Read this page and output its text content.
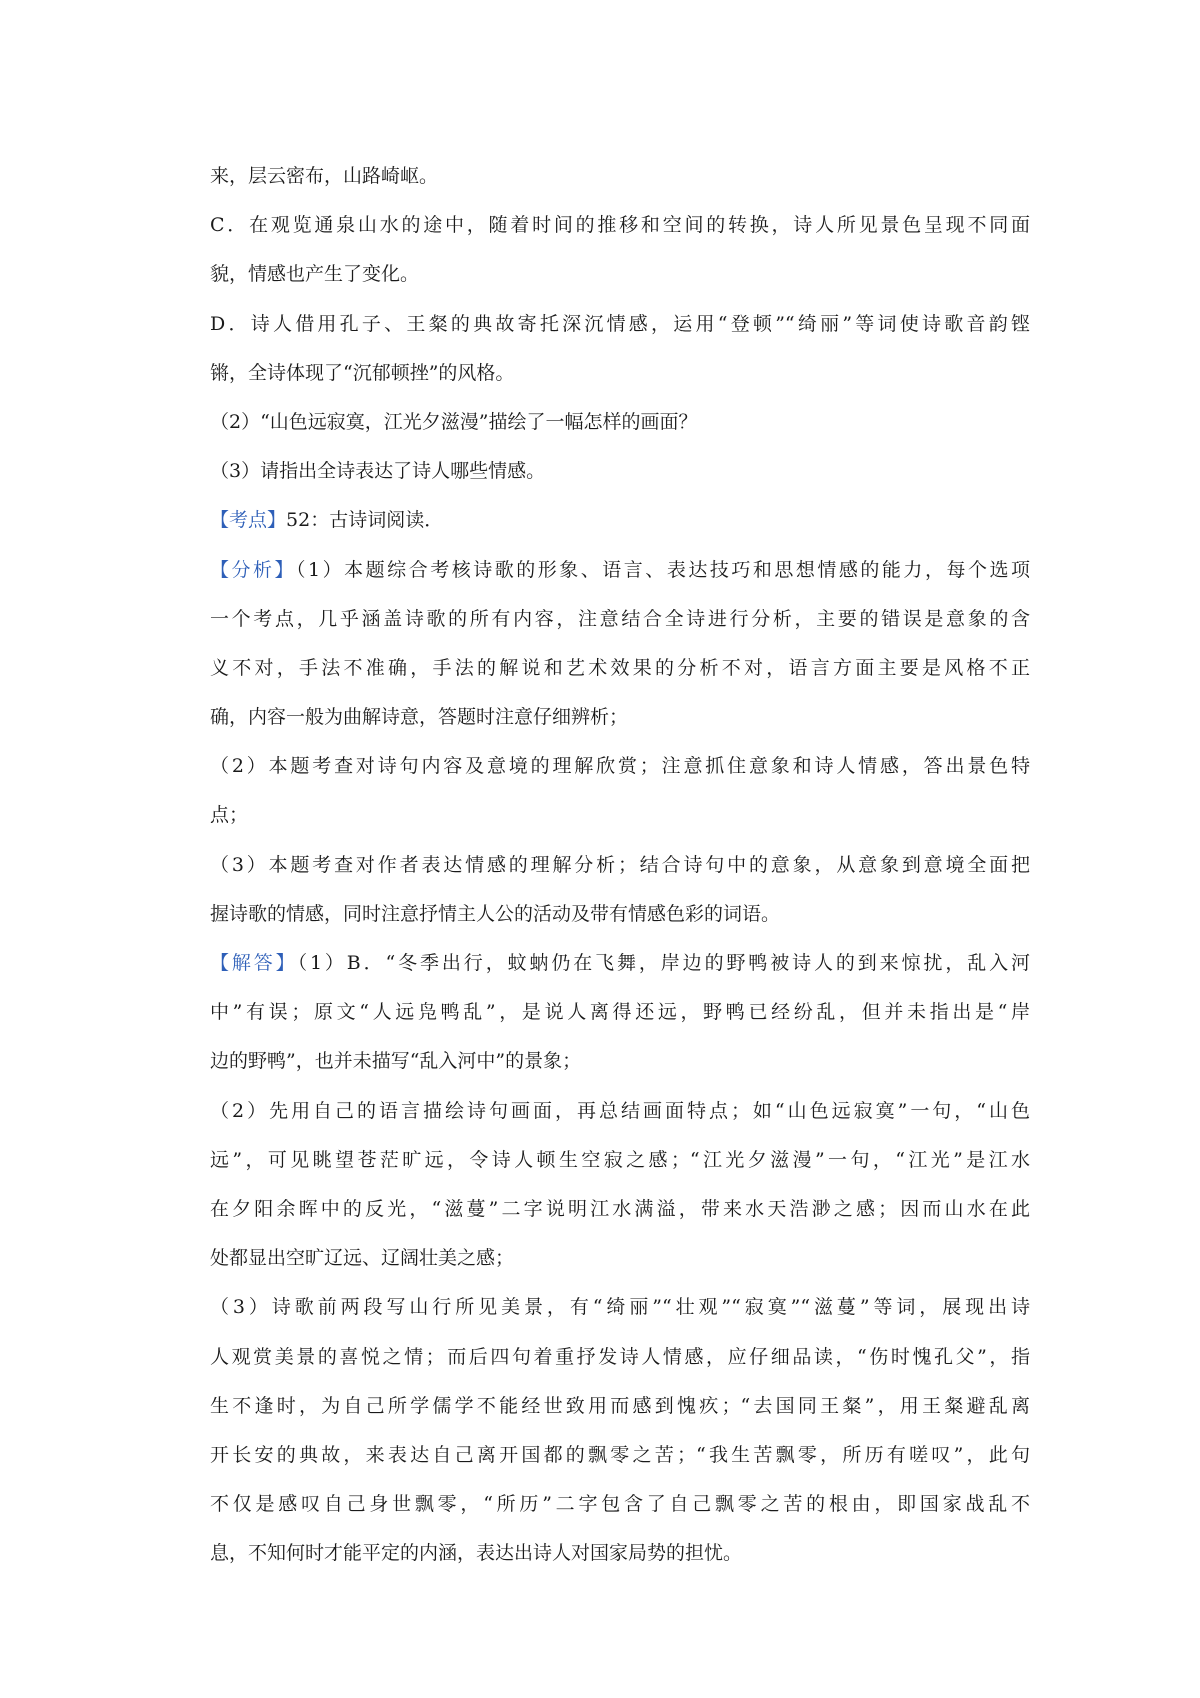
来，层云密布，山路崎岖。
C．在观览通泉山水的途中，随着时间的推移和空间的转换，诗人所见景色呈现不同面
貌，情感也产生了变化。
D．诗人借用孔子、王粲的典故寄托深沉情感，运用“登顿”“绮丽”等词使诗歌音韵铿
锵，全诗体现了“沉郁顿挫”的风格。
（2）“山色远寂寞，江光夕滋漫”描绘了一幅怎样的画面？
（3）请指出全诗表达了诗人哪些情感。
【考点】52：古诗词阅读．
【分析】（1）本题综合考核诗歌的形象、语言、表达技巧和思想情感的能力，每个选项
一个考点，几乎涵盖诗歌的所有内容，注意结合全诗进行分析，主要的错误是意象的含
义不对，手法不准确，手法的解说和艺术效果的分析不对，语言方面主要是风格不正
确，内容一般为曲解诗意，答题时注意仔细辨析；
（2）本题考查对诗句内容及意境的理解欣赏；注意抓住意象和诗人情感，答出景色特
点；
（3）本题考查对作者表达情感的理解分析；结合诗句中的意象，从意象到意境全面把
握诗歌的情感，同时注意抒情主人公的活动及带有情感色彩的词语。
【解答】（1）B．“冬季出行，蚊蚋仍在飞舞，岸边的野鸭被诗人的到来惊扰，乱入河
中”有误；原文“人远凫鸭乱”，是说人离得还远，野鸭已经纷乱，但并未指出是“岸
边的野鸭”，也并未描写“乱入河中”的景象；
（2）先用自己的语言描绘诗句画面，再总结画面特点；如“山色远寂寞”一句，“山色
远”，可见眺望苍茫旷远，令诗人顿生空寂之感；“江光夕滋漫”一句，“江光”是江水
在夕阳余晖中的反光，“滋蔓”二字说明江水满溢，带来水天浩渺之感；因而山水在此
处都显出空旷辽远、辽阔壮美之感；
（3）诗歌前两段写山行所见美景，有“绮丽”“壮观”“寂寞”“滋蔓”等词，展现出诗
人观赏美景的喜悦之情；而后四句着重抒发诗人情感，应仔细品读，“伤时愧孔父”，指
生不逢时，为自己所学儒学不能经世致用而感到愧疚；“去国同王粲”，用王粲避乱离
开长安的典故，来表达自己离开国都的飘零之苦；“我生苦飘零，所历有嗟叹”，此句
不仅是感叹自己身世飘零，“所历”二字包含了自己飘零之苦的根由，即国家战乱不
息，不知何时才能平定的内涵，表达出诗人对国家局势的担忧。
